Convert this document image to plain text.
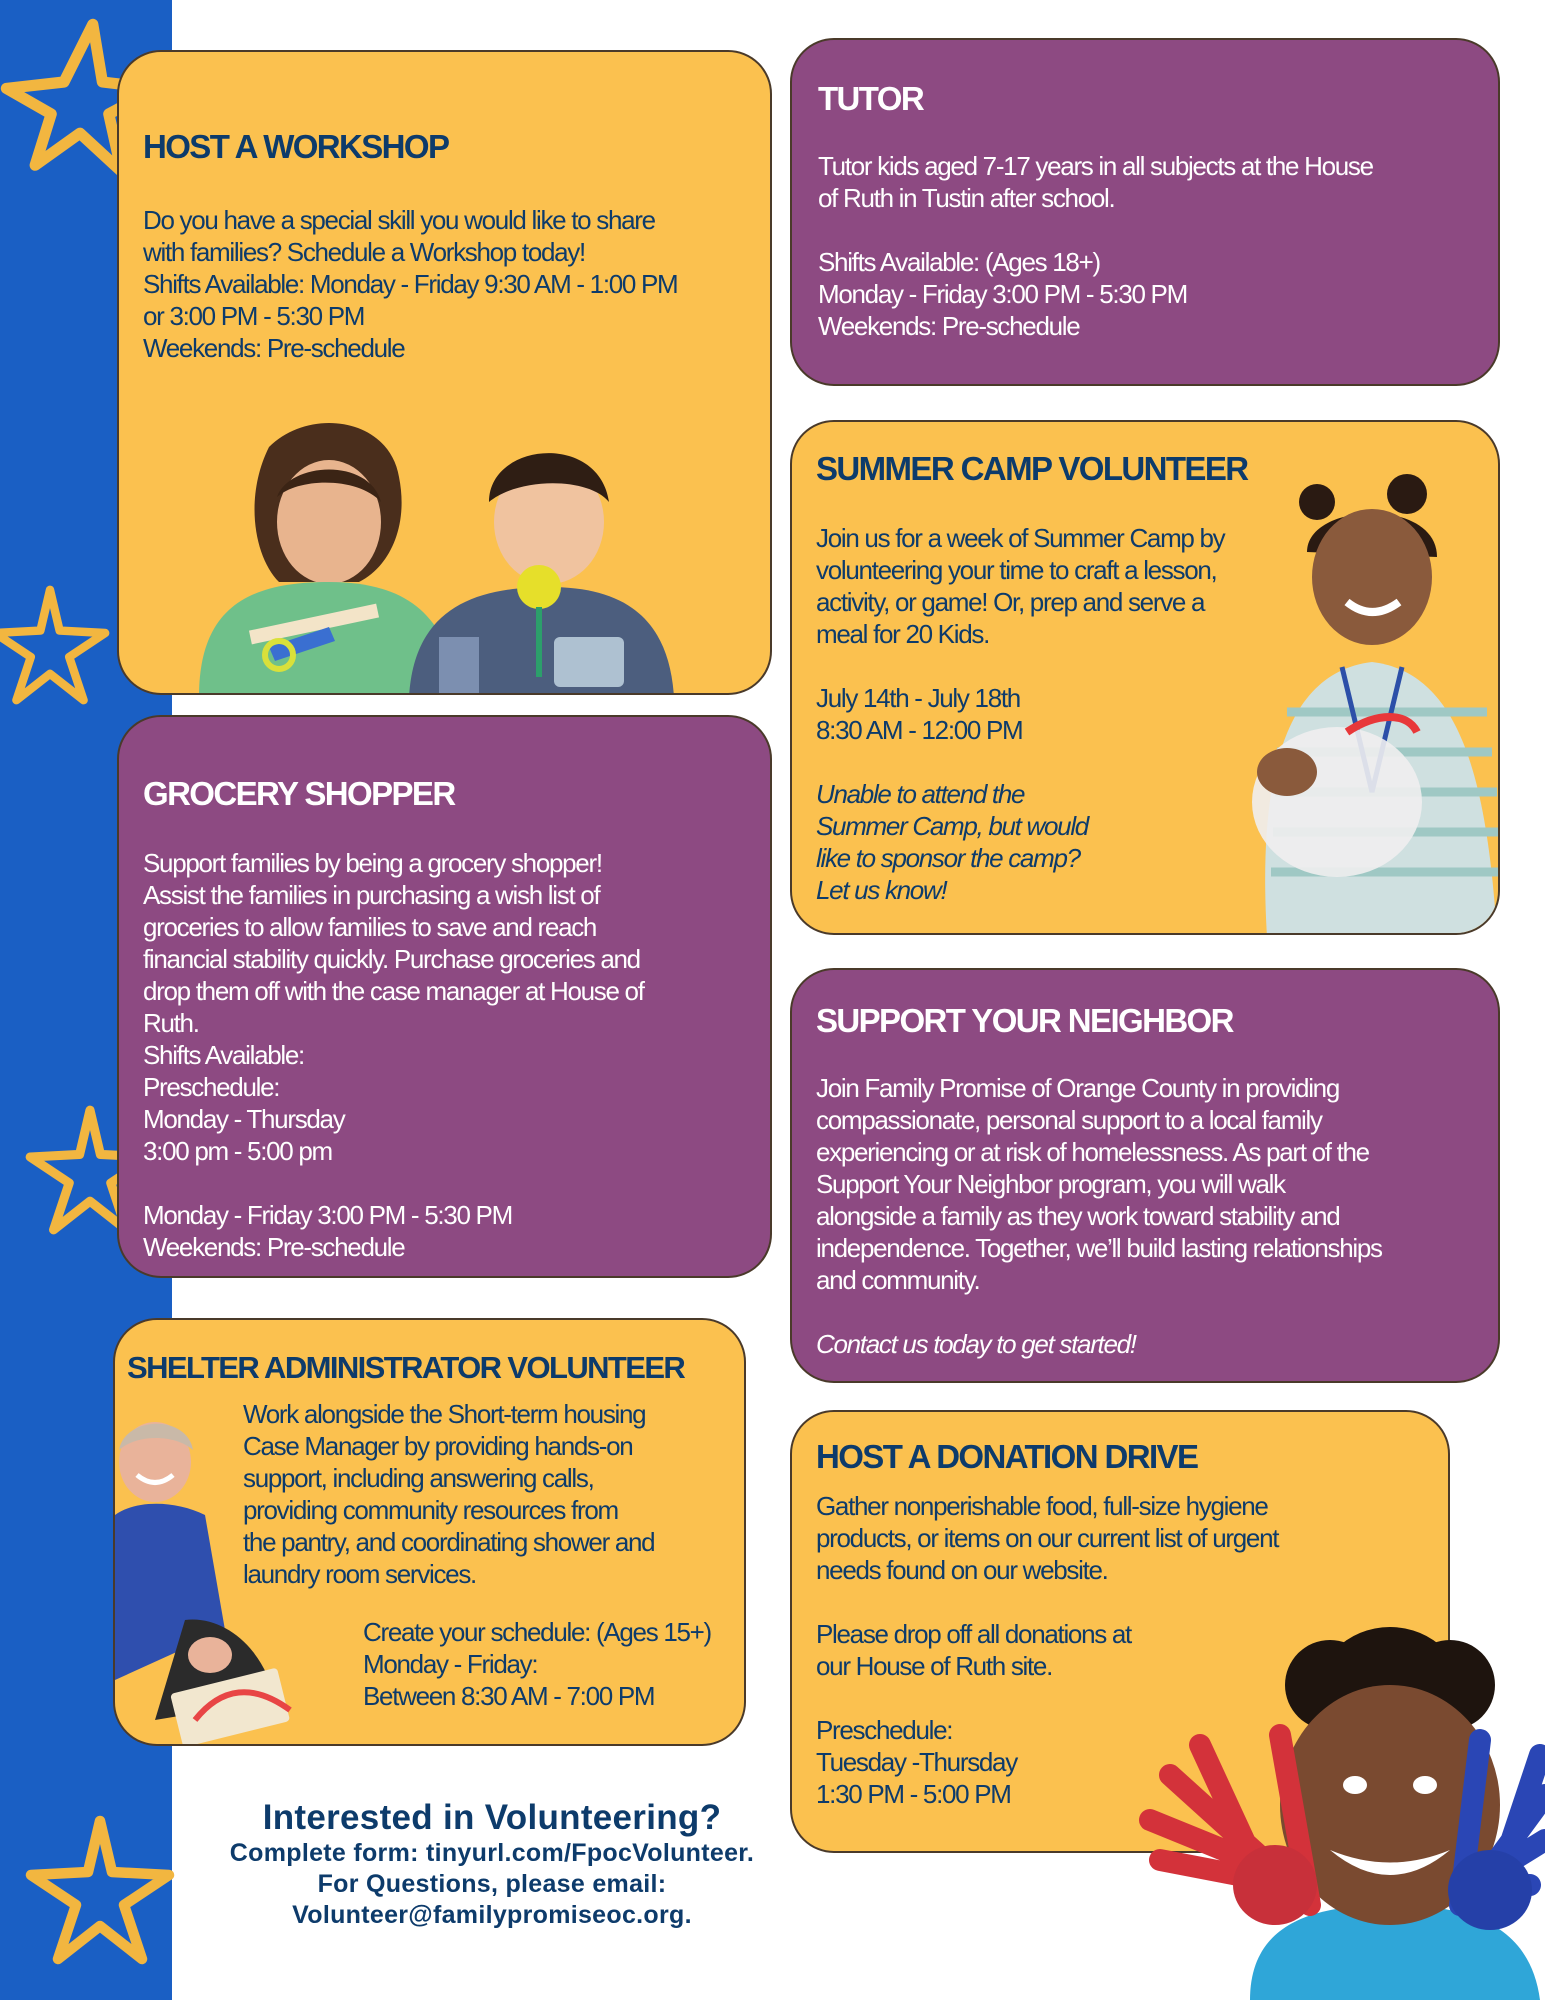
HOST A WORKSHOP

Do you have a special skill you would like to share

with families? Schedule a Workshop today!

Shifts Available: Monday - Friday 9:30 AM - 1:00 PM

or 3:00 PM - 5:30 PM

Weekends: Pre-schedule

TUTOR

Tutor kids aged 7-17 years in all subjects at the House

of Ruth in Tustin after school.

Shifts Available: (Ages 18+)

Monday - Friday 3:00 PM - 5:30 PM

Weekends: Pre-schedule

SUMMER CAMP VOLUNTEER

Join us for a week of Summer Camp by

volunteering your time to craft a lesson,

activity, or game! Or, prep and serve a

meal for 20 Kids.

July 14th - July 18th

8:30 AM - 12:00 PM

Unable to attend the

Summer Camp, but would

like to sponsor the camp?

Let us know!

GROCERY SHOPPER

Support families by being a grocery shopper!

Assist the families in purchasing a wish list of

groceries to allow families to save and reach

financial stability quickly. Purchase groceries and

drop them off with the case manager at House of

Ruth.

Shifts Available:

Preschedule:

Monday - Thursday

3:00 pm - 5:00 pm

Monday - Friday 3:00 PM - 5:30 PM

Weekends: Pre-schedule

SUPPORT YOUR NEIGHBOR

Join Family Promise of Orange County in providing

compassionate, personal support to a local family

experiencing or at risk of homelessness. As part of the

Support Your Neighbor program, you will walk

alongside a family as they work toward stability and

independence. Together, we’ll build lasting relationships

and community.

Contact us today to get started!

SHELTER ADMINISTRATOR VOLUNTEER

Work alongside the Short-term housing

Case Manager by providing hands-on

support, including answering calls,

providing community resources from

the pantry, and coordinating shower and

laundry room services.

Create your schedule: (Ages 15+)

Monday - Friday:

Between 8:30 AM - 7:00 PM

HOST A DONATION DRIVE

Gather nonperishable food, full-size hygiene

products, or items on our current list of urgent

needs found on our website.

Please drop off all donations at

our House of Ruth site.

Preschedule:

Tuesday -Thursday

1:30 PM - 5:00 PM

Interested in Volunteering?
Complete form: tinyurl.com/FpocVolunteer.
For Questions, please email:
Volunteer@familypromiseoc.org.
